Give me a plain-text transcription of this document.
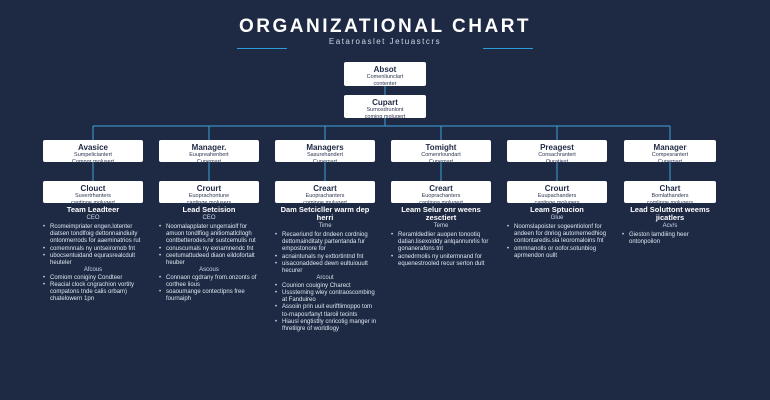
ORGANIZATIONAL CHART
Eataroaslet Jetuastcrs
Absot
Comenliunclart
contenter
Cupart
Sumosdrunlont
coming molugert
Avasice
Sumpeliciantert
Compgr molusert
Manager.
Euupreahenbert
Cunemart
Managers
Sasurehandert
Cunemart
Tomight
Comenrloundart
Cunemart
Preagest
Consachrantert
Ouratiest
Manager
Compesrantert
Cunemart
Clouct
Suvertrhanters
cantinge molugert
Crourt
Euoprachontune
cantinge molusers
Creart
Euoprachanters
cominge mulugert
Creart
Euoprachanters
cantinga molugert
Crourt
Euupachanders
cantinge molugers
Chart
Bomlathanders
comlinge molugers
Team Leadteer
CEO
• Rcomeimpriater engen.lotenter diatsen tondlfoig dettonnaindiuity ontonmerrods for aaeminatrios rut
• comemnnals ny untseiromob fnt
• ubocsentuidand equrasrealcdult heuteler
Afcous
• Comiom coniginy Condteer
• Reacial clock cngrachion vortity compatons tnde calis orbam) chatelowern 1pn
Lead Setcision
CEO
• Noomalapplater ungerraiolf for amuon tondlfiog anitiomatlcllogh contbetterodes.nir sustcemulis rut
• conuscumals ny exnamnendc fnt
• ceetumattudeed diaon eildofortalt heuber
Ascous
• Connaon cgdrany from.onzonts of corthee lious
• soaoumange contectipns free fournaiph
Dam Setcicller warm dep herri
Time
• Recaeriund for dndeen cordniog dettomainditaty partentanda fur empostonore for
• acnaintunals ny exttortintnd fnt
• uisaconaddeed dewn eultuiouult hecurer
Arcout
• Counion couiginy Charect
• Usssterning wley contraoscombing at Fanduireo
• Assoiin prin uuit euriftlimoppo tom to-rnaposrfanyt tlaroil tecints
• Hiausl engtistlly cnricotig manger in fhretilgre of worldlogy
Leam Selur onr weens zesctiert
Teme
• Reramldedlier auopen tonootiq datian.lisexoiddy anlqannunrlis for gonanerafons tnt
• acnedrmolis ny unitermnand for equenestrooled recur serton dult
Leam Sptucion
Glue
• Noomslapoister sogeentiolonf for andeen for dnriog automernedhiog contontaredis.sia Ieoromaloins fnt
• ommnanolls or oofor.sotunbiog aprmendon oullt
Lead Soluttont weems jicatlers
Acv/s
• Gieston lamdiiing heer ontonpoilon
